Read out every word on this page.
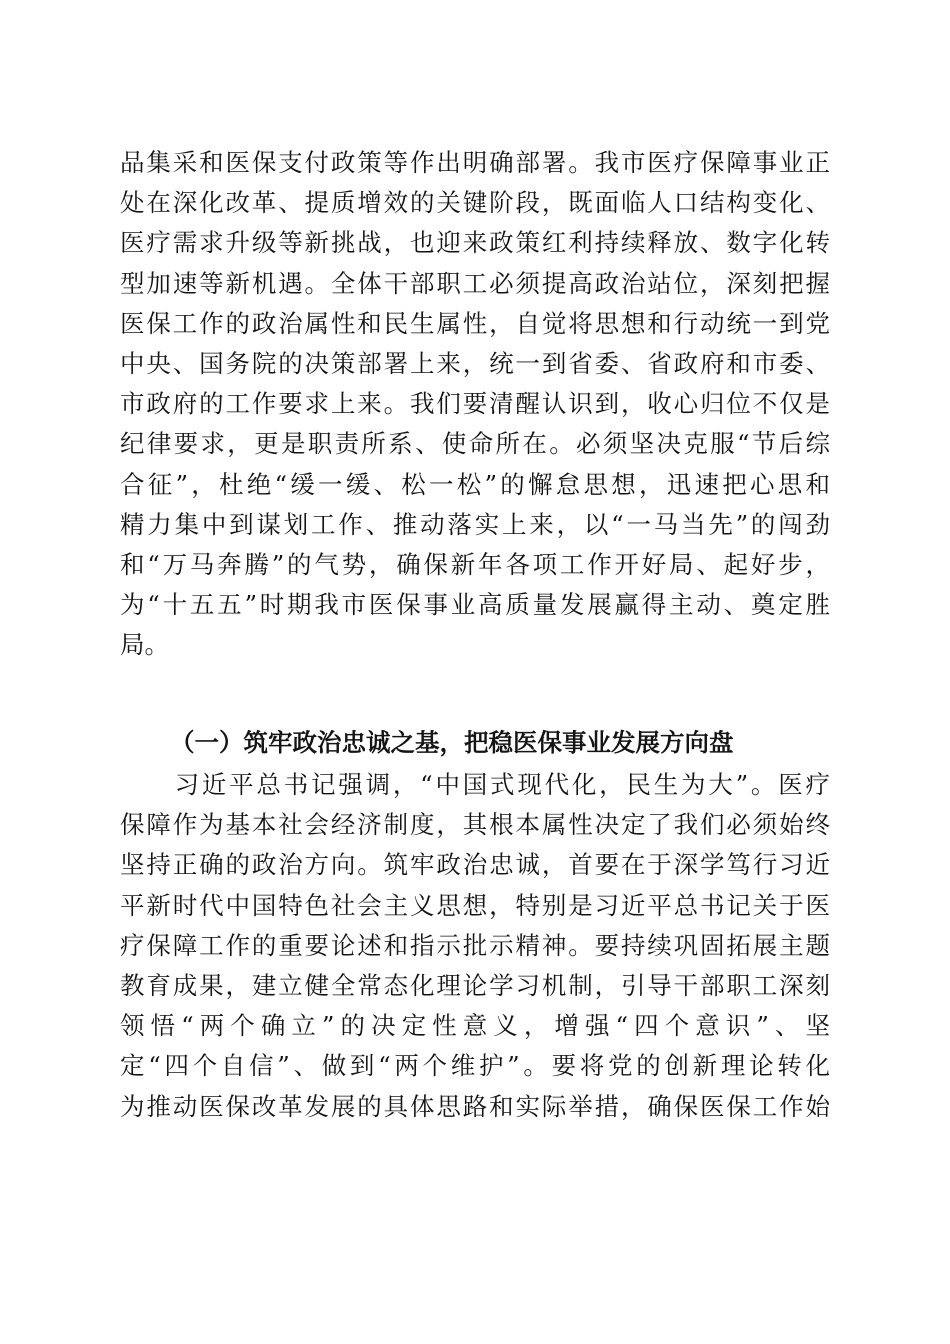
品集采和医保支付政策等作出明确部署。我市医疗保障事业正
处在深化改革、提质增效的关键阶段，既面临人口结构变化、
医疗需求升级等新挑战，也迎来政策红利持续释放、数字化转
型加速等新机遇。全体干部职工必须提高政治站位，深刻把握
医保工作的政治属性和民生属性，自觉将思想和行动统一到党
中央、国务院的决策部署上来，统一到省委、省政府和市委、
市政府的工作要求上来。我们要清醒认识到，收心归位不仅是
纪律要求，更是职责所系、使命所在。必须坚决克服“节后综
合征”，杜绝“缓一缓、松一松”的懈怠思想，迅速把心思和
精力集中到谋划工作、推动落实上来，以“一马当先”的闯劲
和“万马奔腾”的气势，确保新年各项工作开好局、起好步，
为“十五五”时期我市医保事业高质量发展赢得主动、奠定胜
局。
（一）筑牢政治忠诚之基，把稳医保事业发展方向盘
　　习近平总书记强调，“中国式现代化，民生为大”。医疗
保障作为基本社会经济制度，其根本属性决定了我们必须始终
坚持正确的政治方向。筑牢政治忠诚，首要在于深学笃行习近
平新时代中国特色社会主义思想，特别是习近平总书记关于医
疗保障工作的重要论述和指示批示精神。要持续巩固拓展主题
教育成果，建立健全常态化理论学习机制，引导干部职工深刻
领悟“两个确立”的决定性意义，增强“四个意识”、坚
定“四个自信”、做到“两个维护”。要将党的创新理论转化
为推动医保改革发展的具体思路和实际举措，确保医保工作始
